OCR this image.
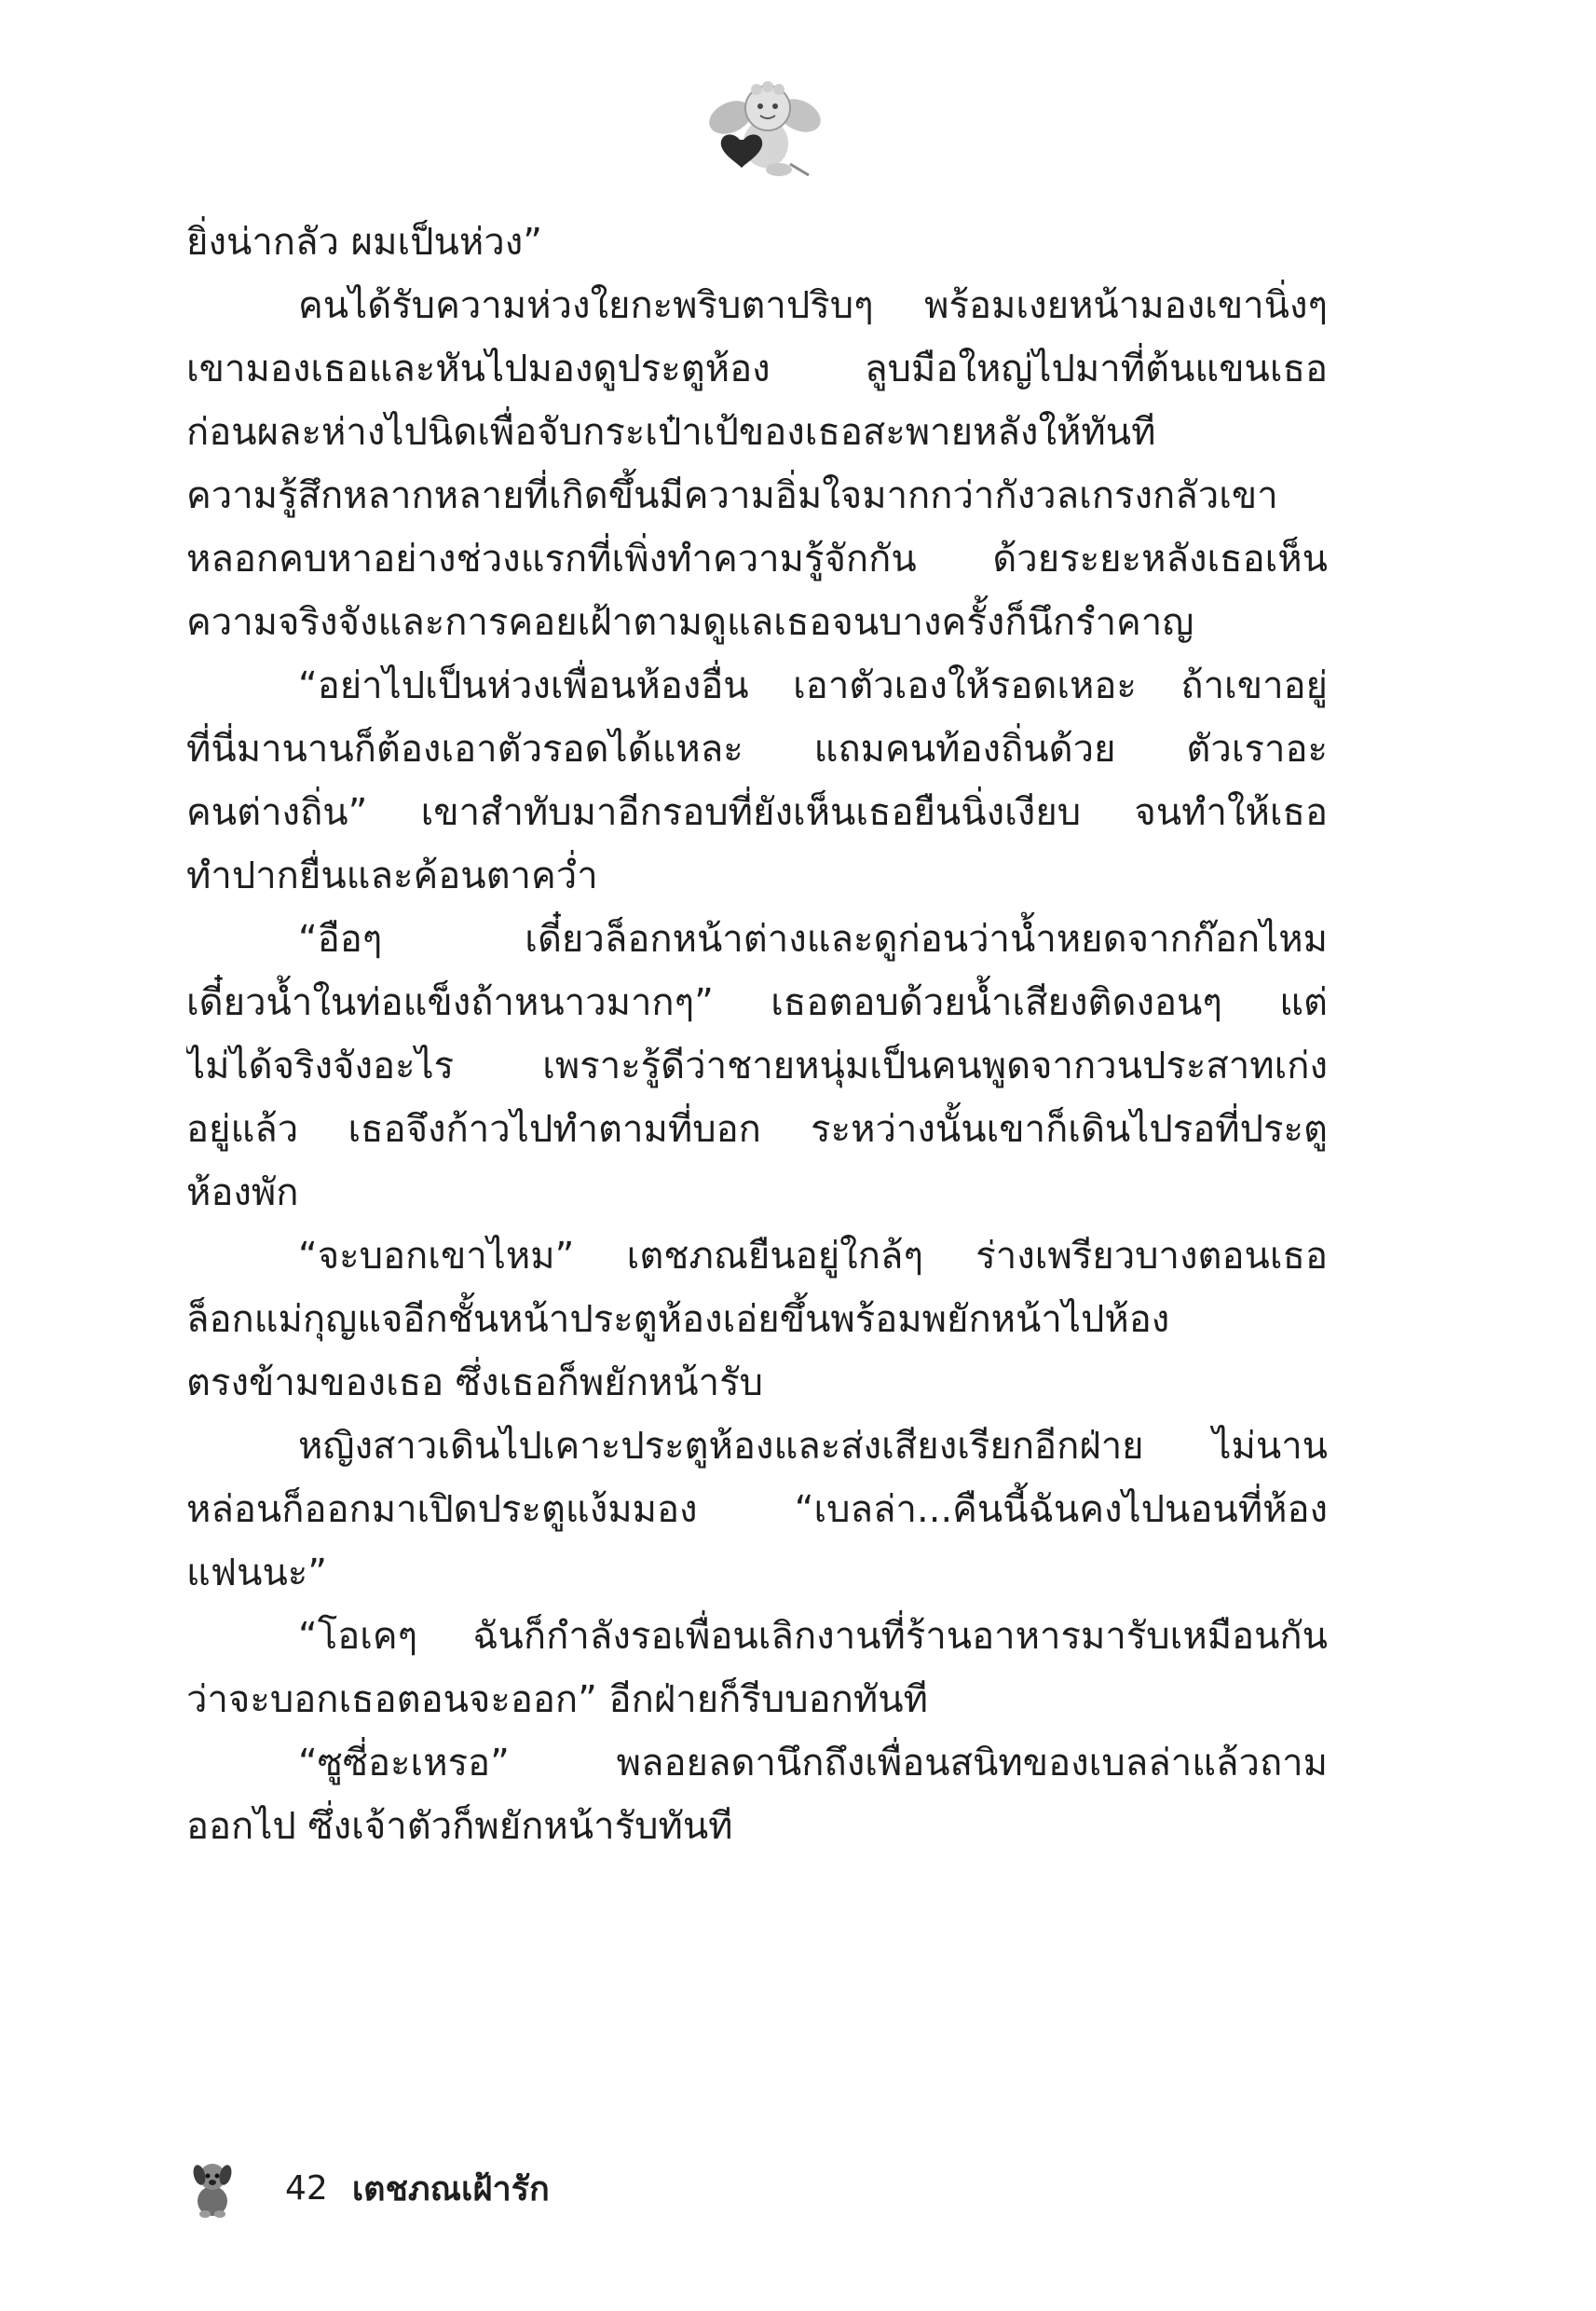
ยิ่งน่ากลัว ผมเป็นห่วง”
คนได้รับความห่วงใยกะพริบตาปริบๆ พร้อมเงยหน้ามองเขานิ่งๆ
เขามองเธอและหันไปมองดูประตูห้อง ลูบมือใหญ่ไปมาที่ต้นแขนเธอ
ก่อนผละห่างไปนิดเพื่อจับกระเป๋าเป้ของเธอสะพายหลังให้ทันที
ความรู้สึกหลากหลายที่เกิดขึ้นมีความอิ่มใจมากกว่ากังวลเกรงกลัวเขา
หลอกคบหาอย่างช่วงแรกที่เพิ่งทำความรู้จักกัน ด้วยระยะหลังเธอเห็น
ความจริงจังและการคอยเฝ้าตามดูแลเธอจนบางครั้งก็นึกรำคาญ
“อย่าไปเป็นห่วงเพื่อนห้องอื่น เอาตัวเองให้รอดเหอะ ถ้าเขาอยู่
ที่นี่มานานก็ต้องเอาตัวรอดได้แหละ แถมคนท้องถิ่นด้วย ตัวเราอะ
คนต่างถิ่น” เขาสำทับมาอีกรอบที่ยังเห็นเธอยืนนิ่งเงียบ จนทำให้เธอ
ทำปากยื่นและค้อนตาคว่ำ
“อือๆ เดี๋ยวล็อกหน้าต่างและดูก่อนว่าน้ำหยดจากก๊อกไหม
เดี๋ยวน้ำในท่อแข็งถ้าหนาวมากๆ” เธอตอบด้วยน้ำเสียงติดงอนๆ แต่
ไม่ได้จริงจังอะไร เพราะรู้ดีว่าชายหนุ่มเป็นคนพูดจากวนประสาทเก่ง
อยู่แล้ว เธอจึงก้าวไปทำตามที่บอก ระหว่างนั้นเขาก็เดินไปรอที่ประตู
ห้องพัก
“จะบอกเขาไหม” เตชภณยืนอยู่ใกล้ๆ ร่างเพรียวบางตอนเธอ
ล็อกแม่กุญแจอีกชั้นหน้าประตูห้องเอ่ยขึ้นพร้อมพยักหน้าไปห้อง
ตรงข้ามของเธอ ซึ่งเธอก็พยักหน้ารับ
หญิงสาวเดินไปเคาะประตูห้องและส่งเสียงเรียกอีกฝ่าย ไม่นาน
หล่อนก็ออกมาเปิดประตูแง้มมอง “เบลล่า...คืนนี้ฉันคงไปนอนที่ห้อง
แฟนนะ”
“โอเคๆ ฉันก็กำลังรอเพื่อนเลิกงานที่ร้านอาหารมารับเหมือนกัน
ว่าจะบอกเธอตอนจะออก” อีกฝ่ายก็รีบบอกทันที
“ซูซี่อะเหรอ” พลอยลดานึกถึงเพื่อนสนิทของเบลล่าแล้วถาม
ออกไป ซึ่งเจ้าตัวก็พยักหน้ารับทันที
42 เตชภณเฝ้ารัก
